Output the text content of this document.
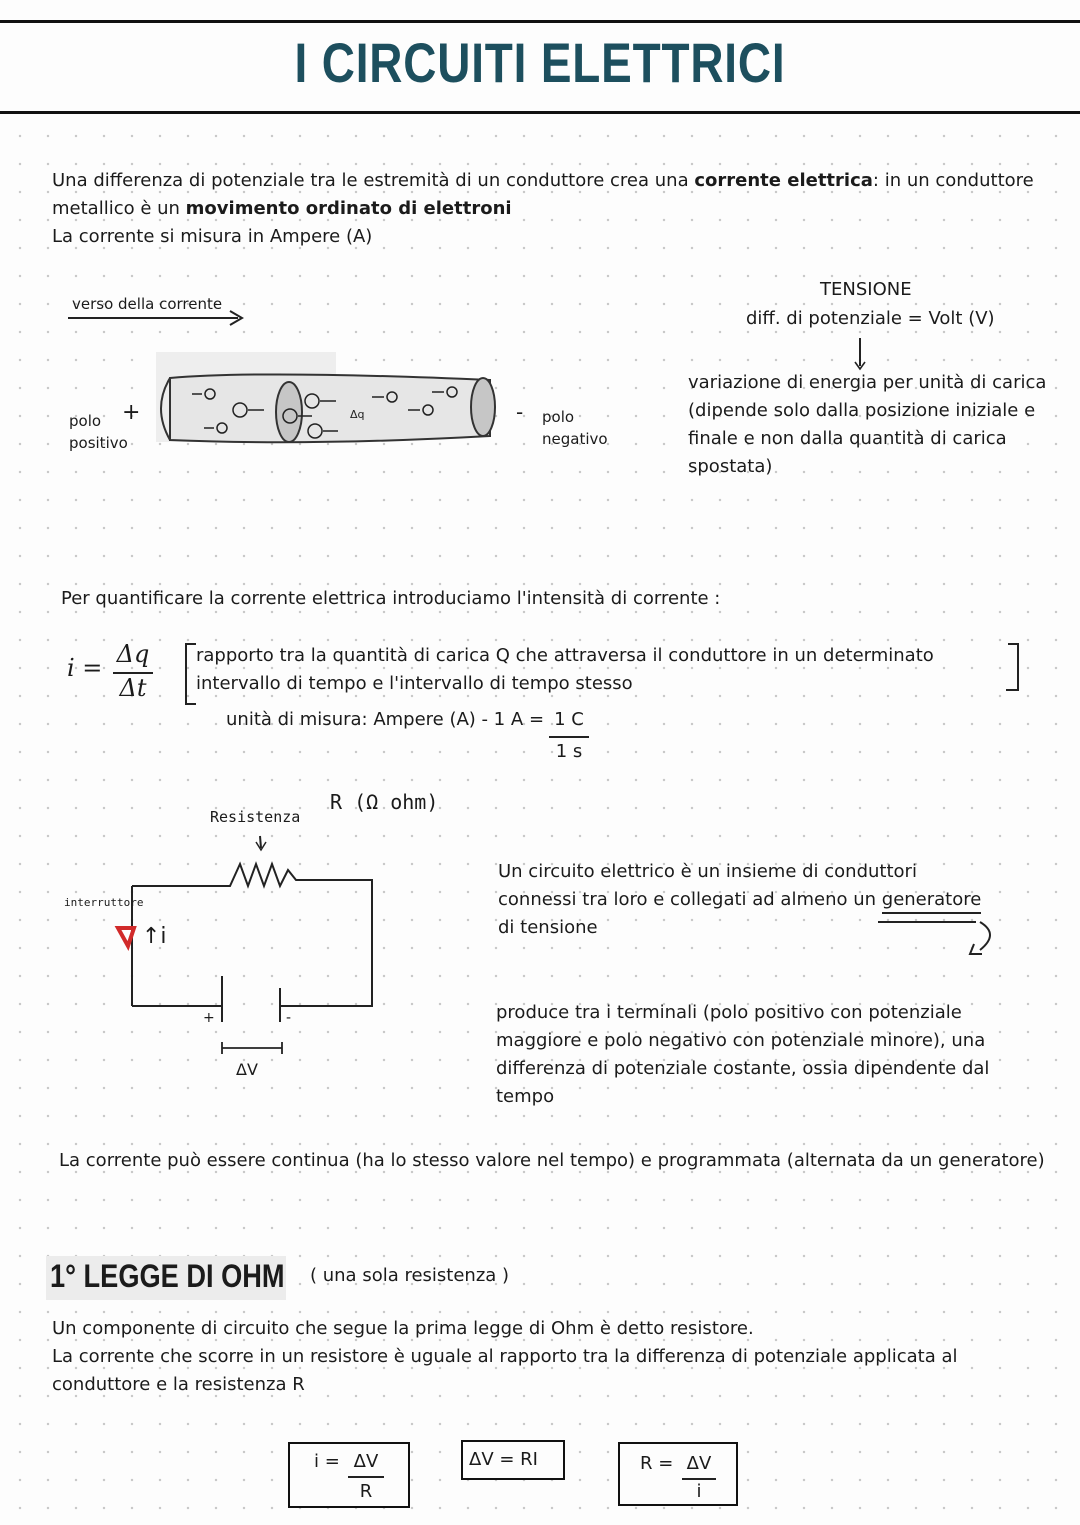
I CIRCUITI ELETTRICI
Una differenza di potenziale tra le estremità di un conduttore crea una corrente elettrica: in un conduttore
metallico è un movimento ordinato di elettroni
La corrente si misura in Ampere (A)
verso della corrente
Δq
+
polo
positivo
- polo
negativo
TENSIONE
diff. di potenziale = Volt (V)
variazione di energia per unità di carica
(dipende solo dalla posizione iniziale e
finale e non dalla quantità di carica
spostata)
Per quantificare la corrente elettrica introduciamo l'intensità di corrente :
i = Δq
Δt
rapporto tra la quantità di carica Q che attraversa il conduttore in un determinato
intervallo di tempo e l'intervallo di tempo stesso
unità di misura: Ampere (A) - 1 A = 1 C
1 s
Resistenza
R (Ω ohm)
interruttore
↑i
+	-
ΔV
Un circuito elettrico è un insieme di conduttori
connessi tra loro e collegati ad almeno un generatore
di tensione
produce tra i terminali (polo positivo con potenziale
maggiore e polo negativo con potenziale minore), una
differenza di potenziale costante, ossia dipendente dal
tempo
La corrente può essere continua (ha lo stesso valore nel tempo) e programmata (alternata da un generatore)
1° LEGGE DI OHM ( una sola resistenza )
Un componente di circuito che segue la prima legge di Ohm è detto resistore.
La corrente che scorre in un resistore è uguale al rapporto tra la differenza di potenziale applicata al
conduttore e la resistenza R
i = ΔV
R
ΔV = RI	R = ΔV
i
